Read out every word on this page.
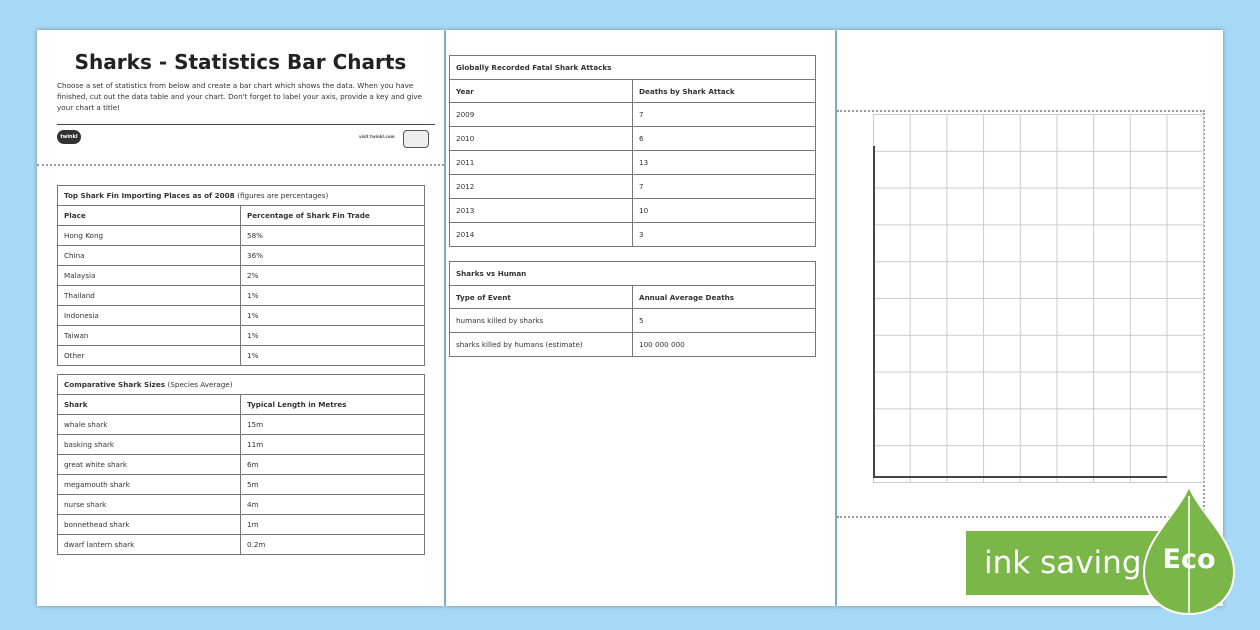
Sharks - Statistics Bar Charts
Choose a set of statistics from below and create a bar chart which shows the data. When you have finished, cut out the data table and your chart. Don't forget to label your axis, provide a key and give your chart a title!
twinkl	visit twinkl.com
Top Shark Fin Importing Places as of 2008 (figures are percentages)	
Place	Percentage of Shark Fin Trade
Hong Kong	58%
China	36%
Malaysia	2%
Thailand	1%
Indonesia	1%
Taiwan	1%
Other	1%
Comparative Shark Sizes (Species Average)	
Shark	Typical Length in Metres
whale shark	15m
basking shark	11m
great white shark	6m
megamouth shark	5m
nurse shark	4m
bonnethead shark	1m
dwarf lantern shark	0.2m
Globally Recorded Fatal Shark Attacks	
Year	Deaths by Shark Attack
2009	7
2010	6
2011	13
2012	7
2013	10
2014	3
Sharks vs Human	
Type of Event	Annual Average Deaths
humans killed by sharks	5
sharks killed by humans (estimate)	100 000 000
ink saving Eco
